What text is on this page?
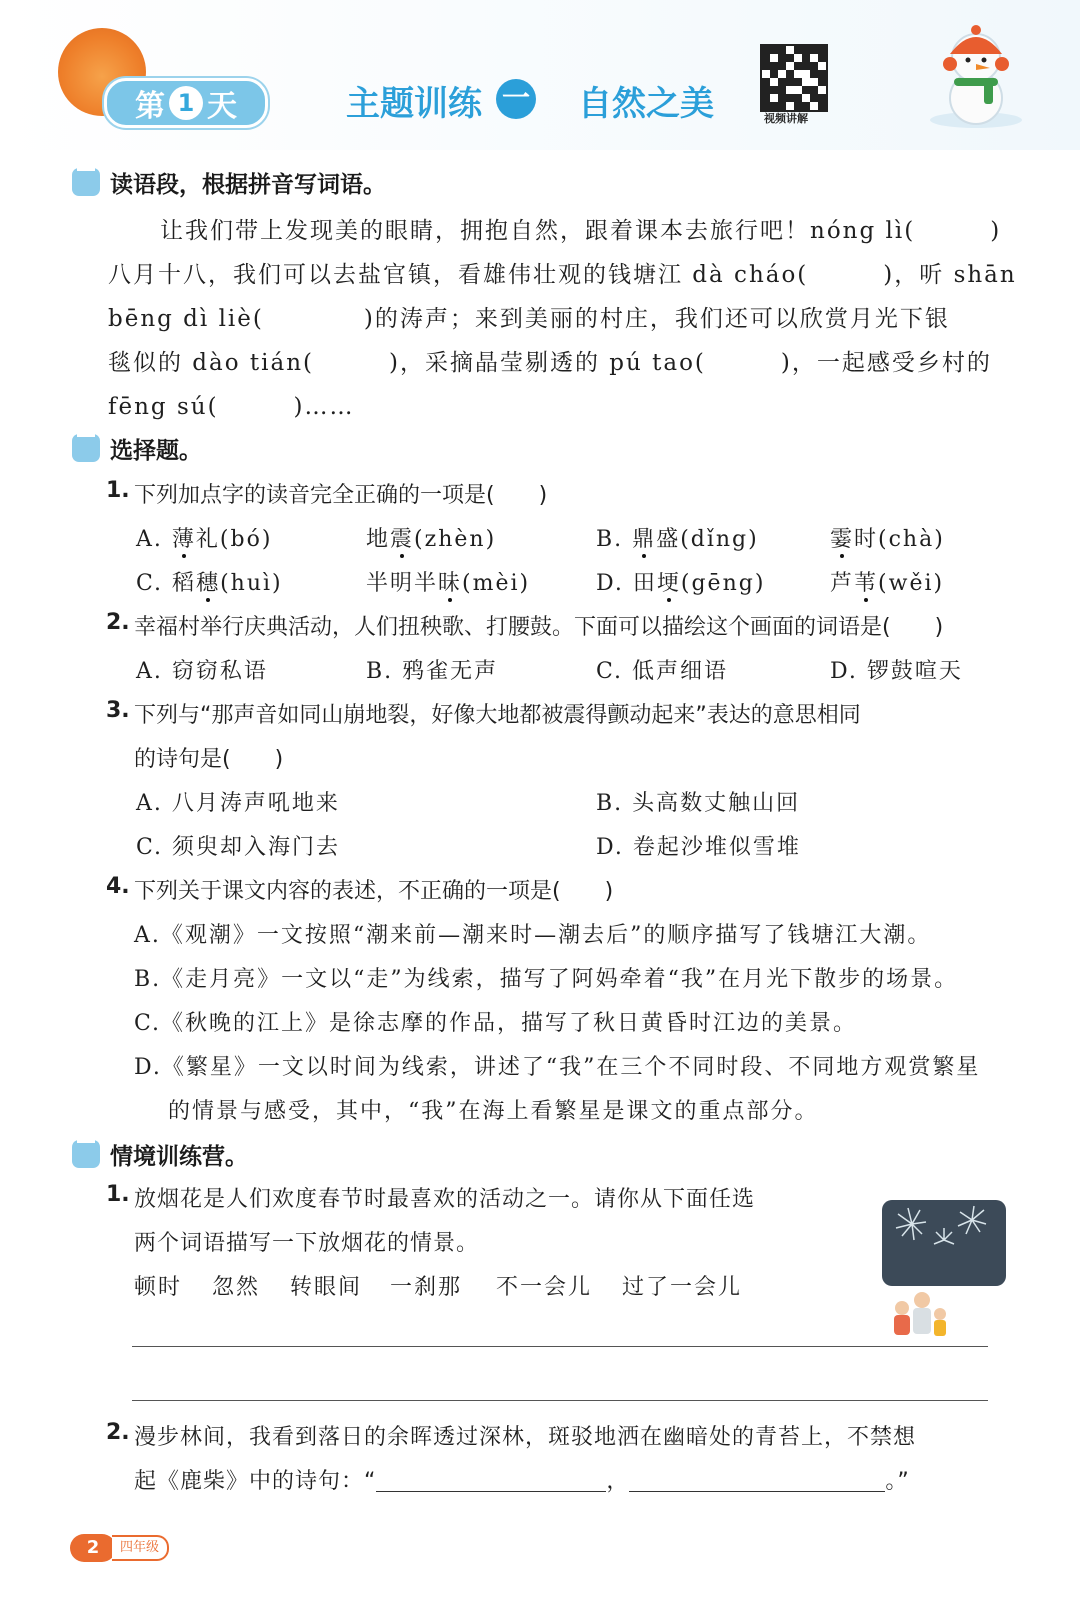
第 1 天	主题训练 一 自然之美	视频讲解
读语段，根据拼音写词语。
让我们带上发现美的眼睛，拥抱自然，跟着课本去旅行吧！nóng lì(　　　)
八月十八，我们可以去盐官镇，看雄伟壮观的钱塘江 dà cháo(　　　)，听 shān
bēng dì liè(　　　　)的涛声；来到美丽的村庄，我们还可以欣赏月光下银
毯似的 dào tián(　　　)，采摘晶莹剔透的 pú tao(　　　)，一起感受乡村的
fēng sú(　　　)……
选择题。
1. 下列加点字的读音完全正确的一项是(　　)
A. 薄礼(bó)	地震(zhèn)	B. 鼎盛(dǐng)	霎时(chà)
C. 稻穗(huì)	半明半昧(mèi)	D. 田埂(gēng)	芦苇(wěi)
2. 幸福村举行庆典活动，人们扭秧歌、打腰鼓。下面可以描绘这个画面的词语是(　　)
A. 窃窃私语	B. 鸦雀无声	C. 低声细语	D. 锣鼓喧天
3. 下列与“那声音如同山崩地裂，好像大地都被震得颤动起来”表达的意思相同
的诗句是(　　)
A. 八月涛声吼地来	B. 头高数丈触山回
C. 须臾却入海门去	D. 卷起沙堆似雪堆
4. 下列关于课文内容的表述，不正确的一项是(　　)
A.《观潮》一文按照“潮来前—潮来时—潮去后”的顺序描写了钱塘江大潮。
B.《走月亮》一文以“走”为线索，描写了阿妈牵着“我”在月光下散步的场景。
C.《秋晚的江上》是徐志摩的作品，描写了秋日黄昏时江边的美景。
D.《繁星》一文以时间为线索，讲述了“我”在三个不同时段、不同地方观赏繁星
的情景与感受，其中，“我”在海上看繁星是课文的重点部分。
情境训练营。
1. 放烟花是人们欢度春节时最喜欢的活动之一。请你从下面任选
两个词语描写一下放烟花的情景。
顿时 忽然 转眼间 一刹那 不一会儿 过了一会儿
2. 漫步林间，我看到落日的余晖透过深林，斑驳地洒在幽暗处的青苔上，不禁想
起《鹿柴》中的诗句：“	，	。”
2	四年级
